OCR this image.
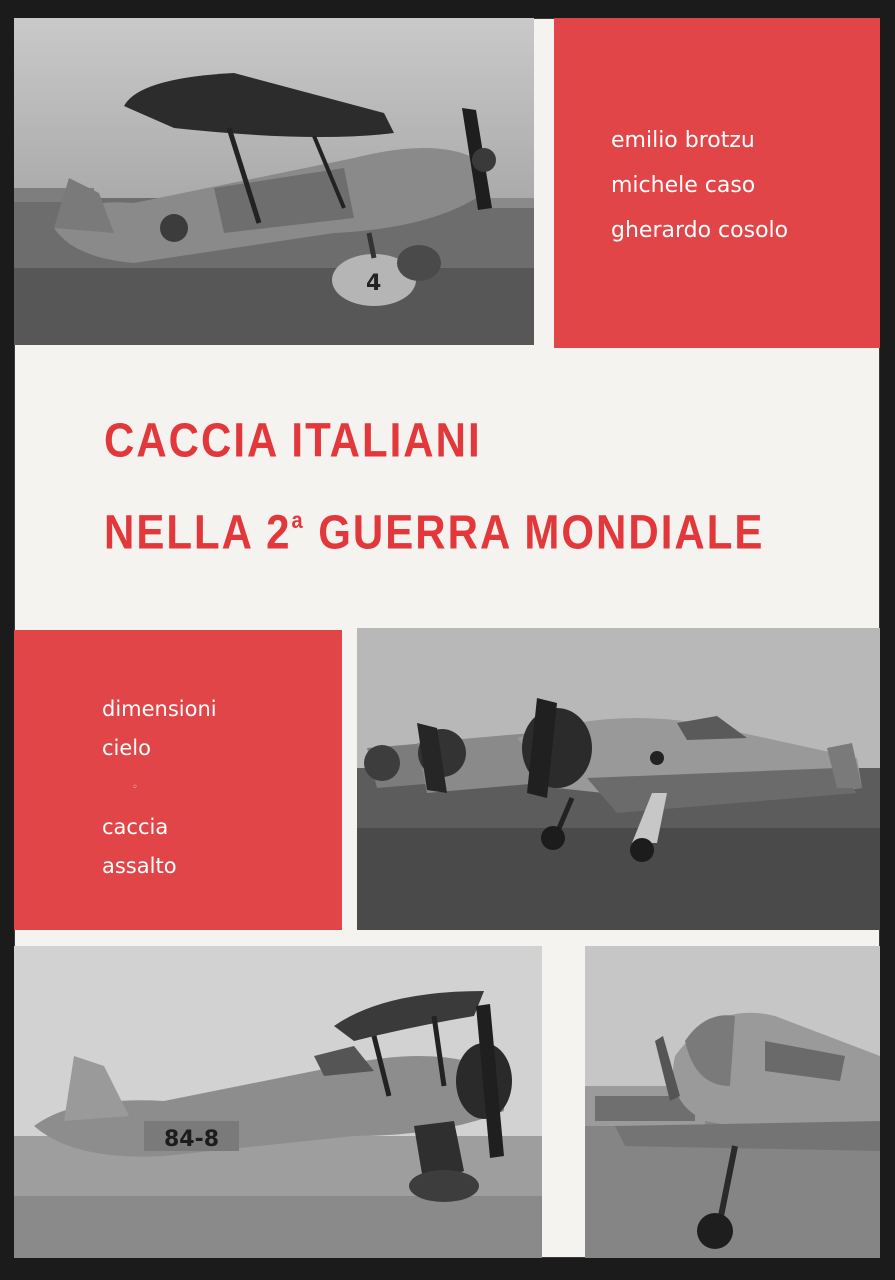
4
emilio brotzu
michele caso
gherardo cosolo
CACCIA ITALIANI
NELLA 2$^a$ GUERRA MONDIALE
dimensioni
cielo
◦
caccia
assalto
84-8
